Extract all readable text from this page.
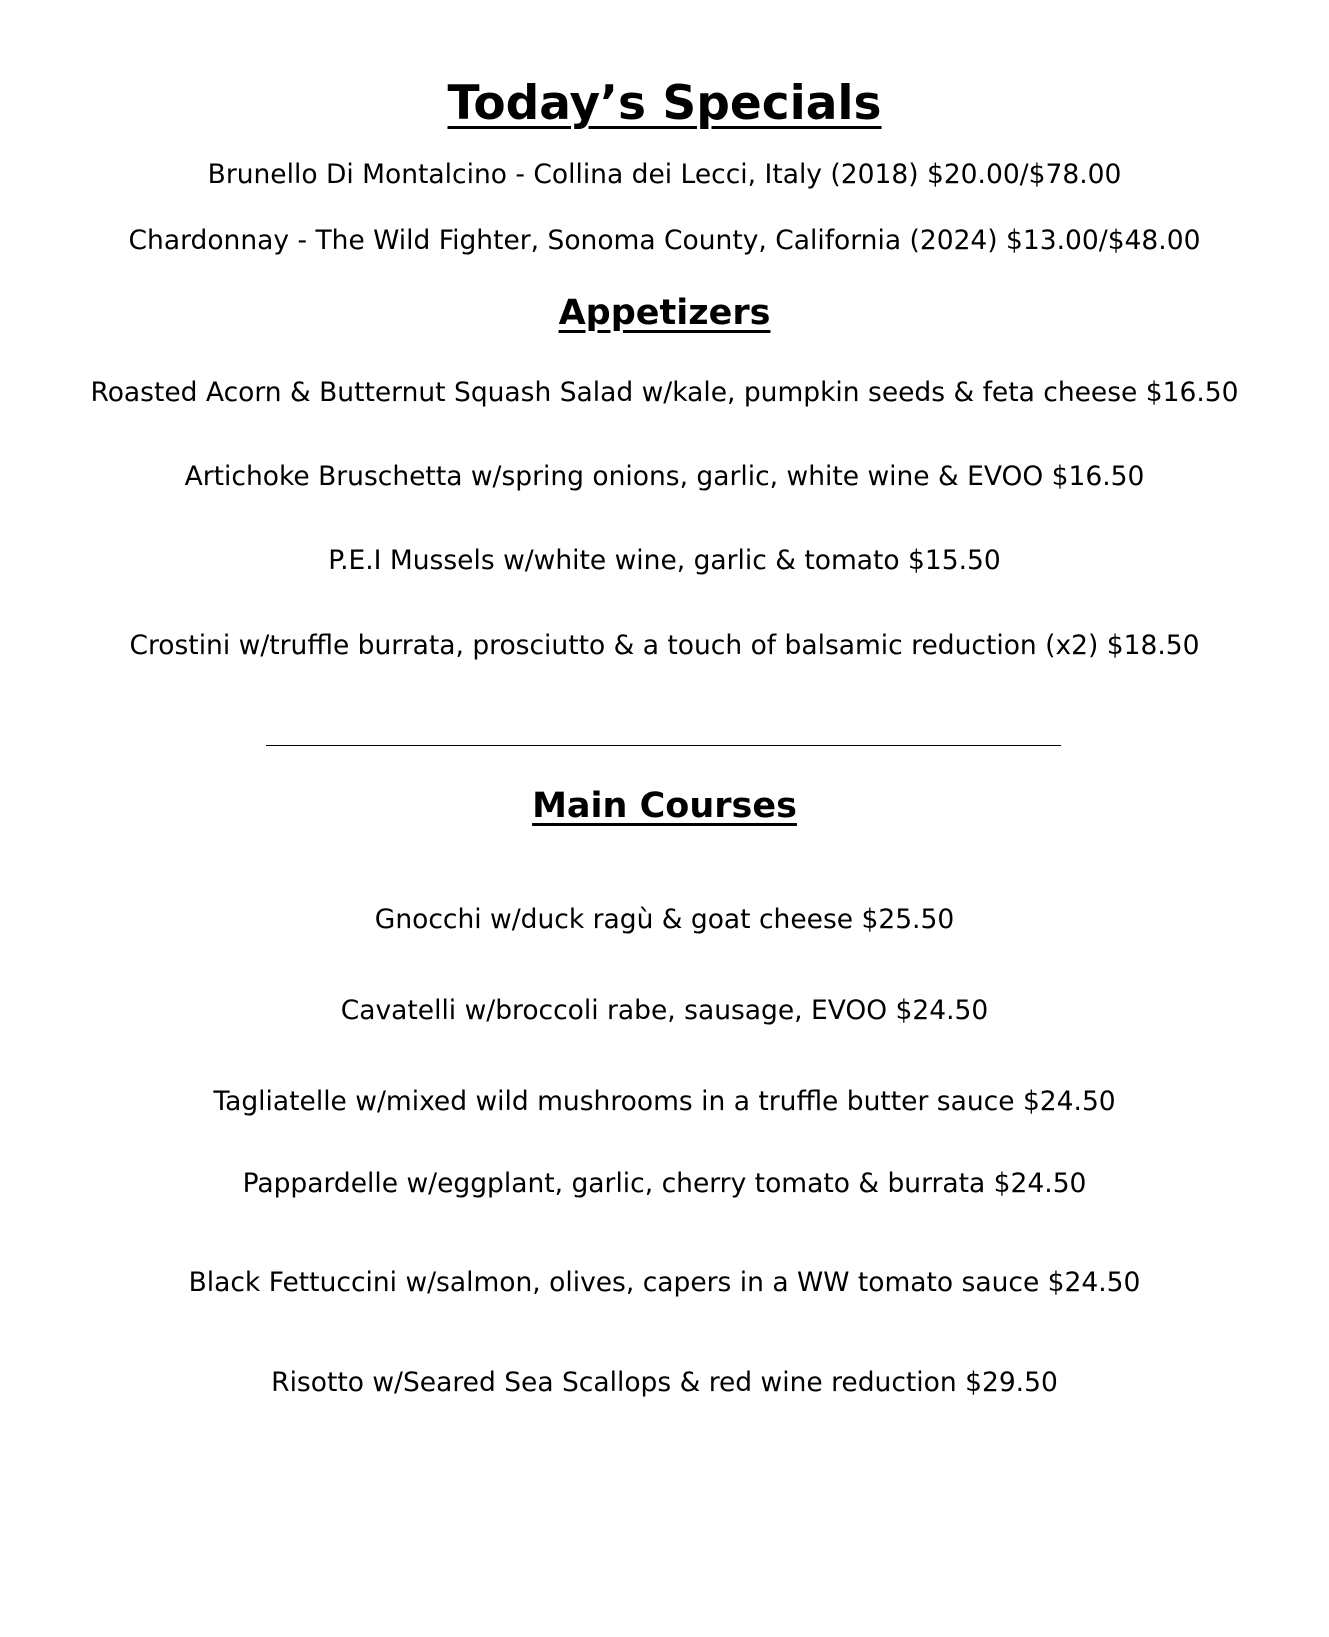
Today’s Specials
Brunello Di Montalcino - Collina dei Lecci, Italy (2018) $20.00/$78.00
Chardonnay - The Wild Fighter, Sonoma County, California (2024) $13.00/$48.00
Appetizers
Roasted Acorn & Butternut Squash Salad w/kale, pumpkin seeds & feta cheese $16.50
Artichoke Bruschetta w/spring onions, garlic, white wine & EVOO $16.50
P.E.I Mussels w/white wine, garlic & tomato $15.50
Crostini w/truffle burrata, prosciutto & a touch of balsamic reduction (x2) $18.50
Main Courses
Gnocchi w/duck ragù & goat cheese $25.50
Cavatelli w/broccoli rabe, sausage, EVOO $24.50
Tagliatelle w/mixed wild mushrooms in a truffle butter sauce $24.50
Pappardelle w/eggplant, garlic, cherry tomato & burrata $24.50
Black Fettuccini w/salmon, olives, capers in a WW tomato sauce $24.50
Risotto w/Seared Sea Scallops & red wine reduction $29.50
